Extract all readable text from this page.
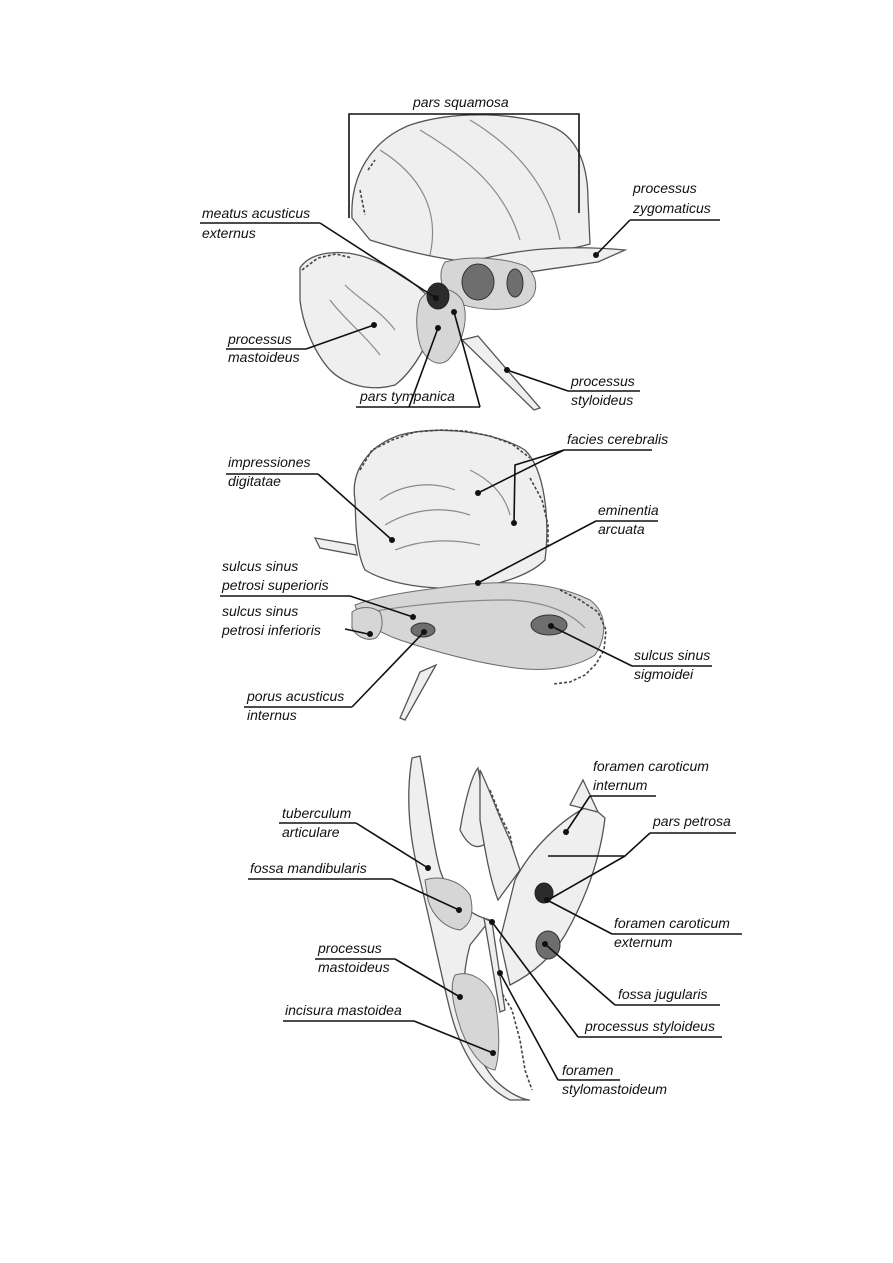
pars squamosa
processus
zygomaticus
meatus acusticus
externus
processus
mastoideus
pars tympanica
processus
styloideus
impressiones
digitatae
facies cerebralis
eminentia
arcuata
sulcus sinus
petrosi superioris
sulcus sinus
petrosi inferioris
porus acusticus
internus
sulcus sinus
sigmoidei
foramen caroticum
internum
tuberculum
articulare
pars petrosa
fossa mandibularis
foramen caroticum
externum
processus
mastoideus
fossa jugularis
incisura mastoidea
processus styloideus
foramen
stylomastoideum
